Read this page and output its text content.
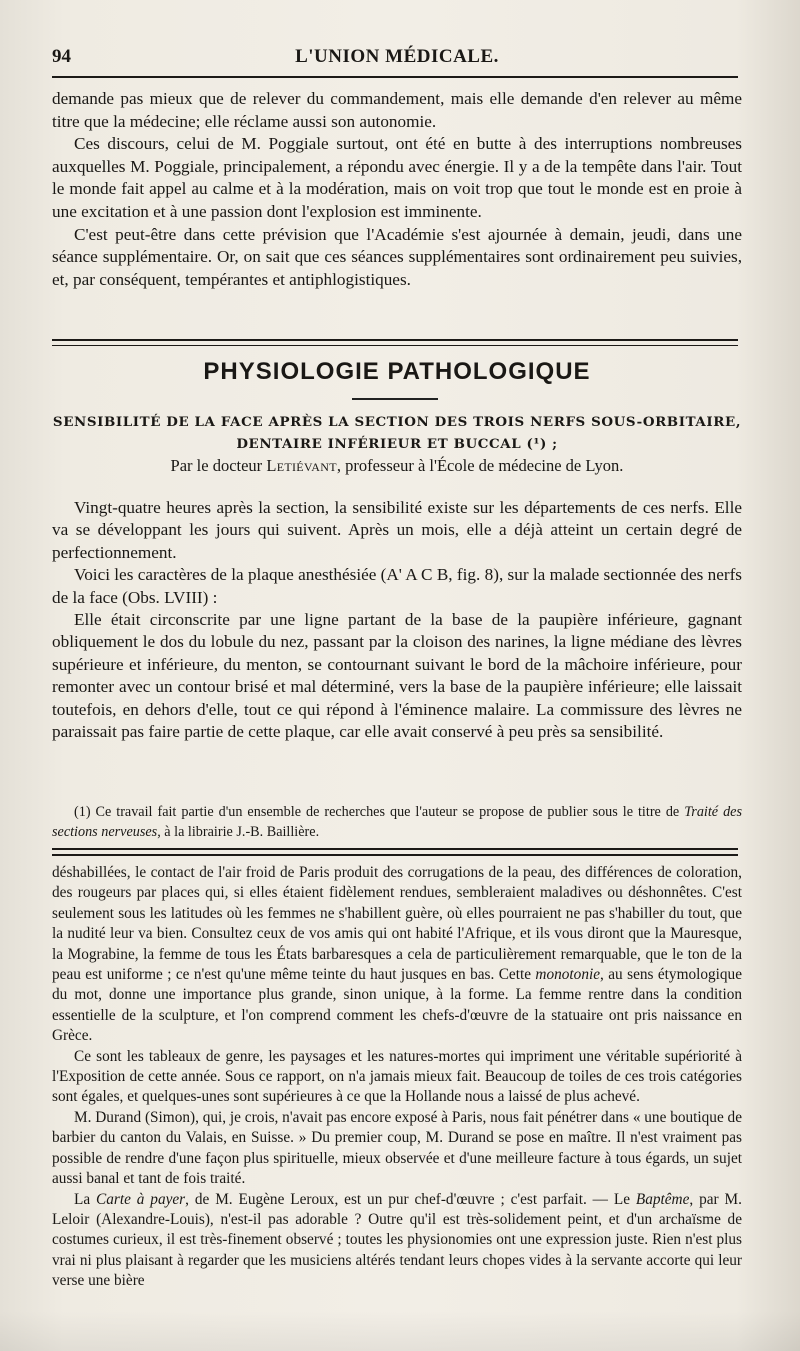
94	L'UNION MÉDICALE.

demande pas mieux que de relever du commandement, mais elle demande d'en relever au même titre que la médecine; elle réclame aussi son autonomie.

Ces discours, celui de M. Poggiale surtout, ont été en butte à des interruptions nombreuses auxquelles M. Poggiale, principalement, a répondu avec énergie. Il y a de la tempête dans l'air. Tout le monde fait appel au calme et à la modération, mais on voit trop que tout le monde est en proie à une excitation et à une passion dont l'explosion est imminente.

C'est peut-être dans cette prévision que l'Académie s'est ajournée à demain, jeudi, dans une séance supplémentaire. Or, on sait que ces séances supplémentaires sont ordinairement peu suivies, et, par conséquent, tempérantes et antiphlogistiques.

PHYSIOLOGIE PATHOLOGIQUE
SENSIBILITÉ DE LA FACE APRÈS LA SECTION DES TROIS NERFS SOUS-ORBITAIRE,
DENTAIRE INFÉRIEUR ET BUCCAL (¹) ;
Par le docteur Letiévant, professeur à l'École de médecine de Lyon.

Vingt-quatre heures après la section, la sensibilité existe sur les départements de ces nerfs. Elle va se développant les jours qui suivent. Après un mois, elle a déjà atteint un certain degré de perfectionnement.

Voici les caractères de la plaque anesthésiée (A' A C B, fig. 8), sur la malade sectionnée des nerfs de la face (Obs. LVIII) :

Elle était circonscrite par une ligne partant de la base de la paupière inférieure, gagnant obliquement le dos du lobule du nez, passant par la cloison des narines, la ligne médiane des lèvres supérieure et inférieure, du menton, se contournant suivant le bord de la mâchoire inférieure, pour remonter avec un contour brisé et mal déterminé, vers la base de la paupière inférieure; elle laissait toutefois, en dehors d'elle, tout ce qui répond à l'éminence malaire. La commissure des lèvres ne paraissait pas faire partie de cette plaque, car elle avait conservé à peu près sa sensibilité.

(1) Ce travail fait partie d'un ensemble de recherches que l'auteur se propose de publier sous le titre de Traité des sections nerveuses, à la librairie J.-B. Baillière.

déshabillées, le contact de l'air froid de Paris produit des corrugations de la peau, des différences de coloration, des rougeurs par places qui, si elles étaient fidèlement rendues, sembleraient maladives ou déshonnêtes. C'est seulement sous les latitudes où les femmes ne s'habillent guère, où elles pourraient ne pas s'habiller du tout, que la nudité leur va bien. Consultez ceux de vos amis qui ont habité l'Afrique, et ils vous diront que la Mauresque, la Mograbine, la femme de tous les États barbaresques a cela de particulièrement remarquable, que le ton de la peau est uniforme ; ce n'est qu'une même teinte du haut jusques en bas. Cette monotonie, au sens étymologique du mot, donne une importance plus grande, sinon unique, à la forme. La femme rentre dans la condition essentielle de la sculpture, et l'on comprend comment les chefs-d'œuvre de la statuaire ont pris naissance en Grèce.

Ce sont les tableaux de genre, les paysages et les natures-mortes qui impriment une véritable supériorité à l'Exposition de cette année. Sous ce rapport, on n'a jamais mieux fait. Beaucoup de toiles de ces trois catégories sont égales, et quelques-unes sont supérieures à ce que la Hollande nous a laissé de plus achevé.

M. Durand (Simon), qui, je crois, n'avait pas encore exposé à Paris, nous fait pénétrer dans « une boutique de barbier du canton du Valais, en Suisse. » Du premier coup, M. Durand se pose en maître. Il n'est vraiment pas possible de rendre d'une façon plus spirituelle, mieux observée et d'une meilleure facture à tous égards, un sujet aussi banal et tant de fois traité.

La Carte à payer, de M. Eugène Leroux, est un pur chef-d'œuvre ; c'est parfait. — Le Baptême, par M. Leloir (Alexandre-Louis), n'est-il pas adorable ? Outre qu'il est très-solidement peint, et d'un archaïsme de costumes curieux, il est très-finement observé ; toutes les physionomies ont une expression juste. Rien n'est plus vrai ni plus plaisant à regarder que les musiciens altérés tendant leurs chopes vides à la servante accorte qui leur verse une bière
